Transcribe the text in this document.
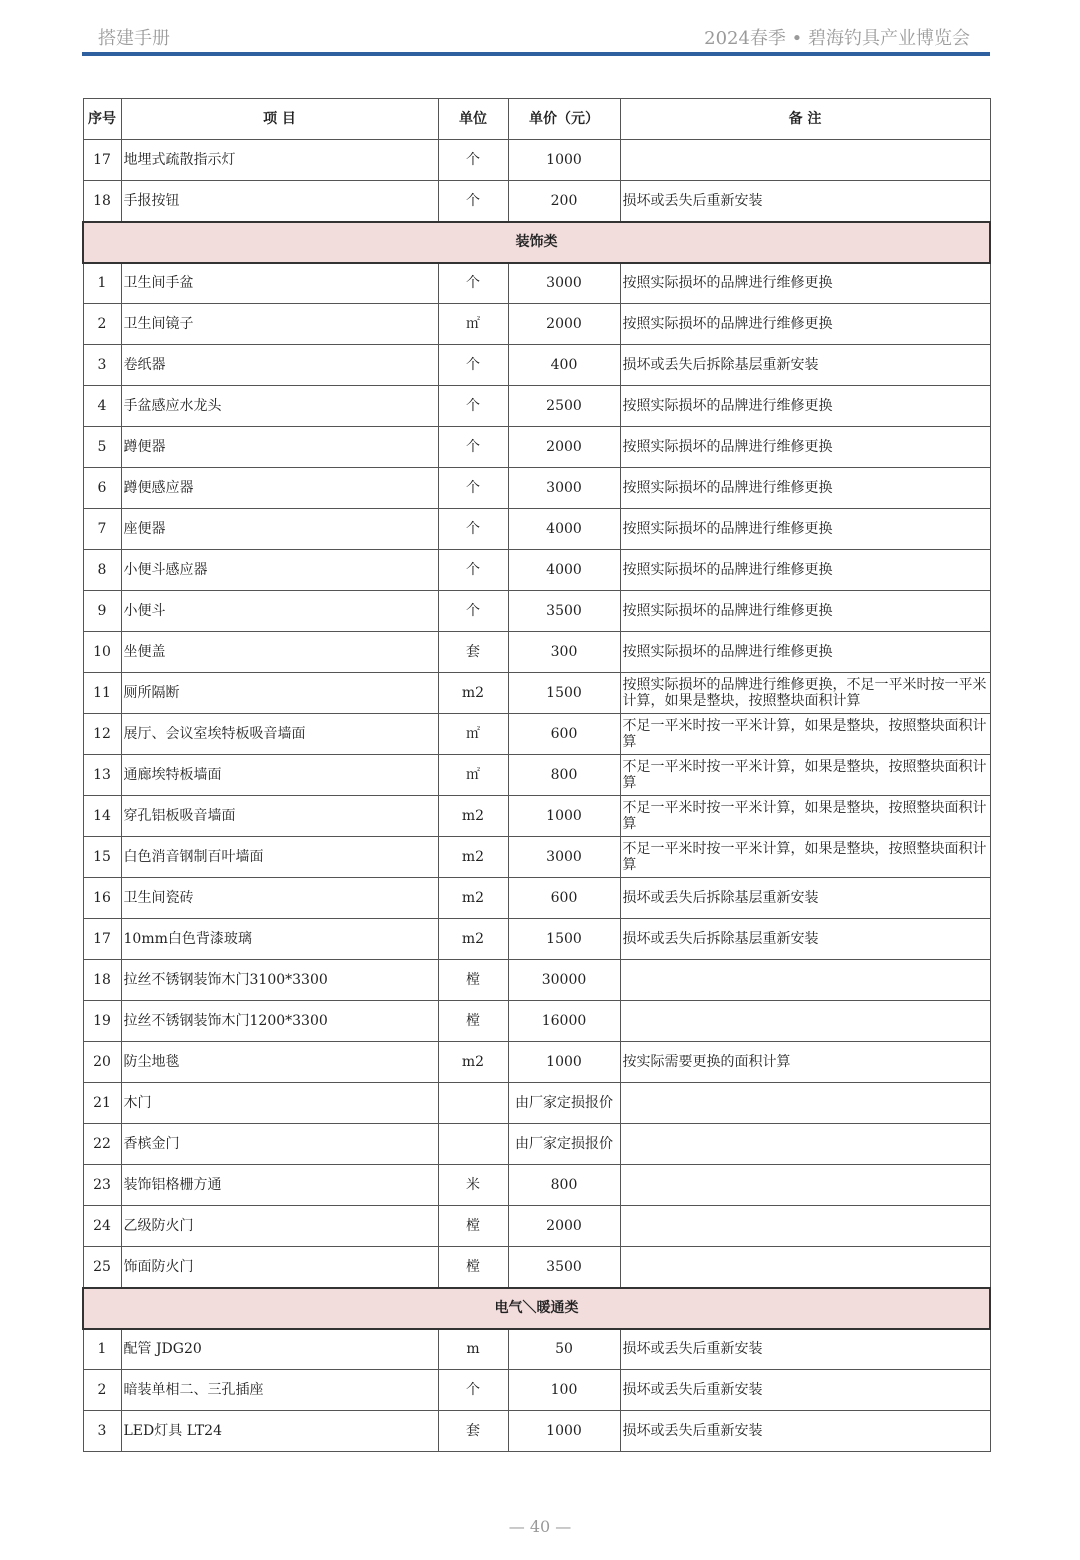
搭建手册	2024春季 • 碧海钓具产业博览会
序号	项 目	单位	单价（元）	备 注
17	地埋式疏散指示灯	个	1000	
18	手报按钮	个	200	损坏或丢失后重新安装
装饰类				
1	卫生间手盆	个	3000	按照实际损坏的品牌进行维修更换
2	卫生间镜子	㎡	2000	按照实际损坏的品牌进行维修更换
3	卷纸器	个	400	损坏或丢失后拆除基层重新安装
4	手盆感应水龙头	个	2500	按照实际损坏的品牌进行维修更换
5	蹲便器	个	2000	按照实际损坏的品牌进行维修更换
6	蹲便感应器	个	3000	按照实际损坏的品牌进行维修更换
7	座便器	个	4000	按照实际损坏的品牌进行维修更换
8	小便斗感应器	个	4000	按照实际损坏的品牌进行维修更换
9	小便斗	个	3500	按照实际损坏的品牌进行维修更换
10	坐便盖	套	300	按照实际损坏的品牌进行维修更换
11	厕所隔断	m2	1500	按照实际损坏的品牌进行维修更换，不足一平米时按一平米计算，如果是整块，按照整块面积计算
12	展厅、会议室埃特板吸音墙面	㎡	600	不足一平米时按一平米计算，如果是整块，按照整块面积计算
13	通廊埃特板墙面	㎡	800	不足一平米时按一平米计算，如果是整块，按照整块面积计算
14	穿孔铝板吸音墙面	m2	1000	不足一平米时按一平米计算，如果是整块，按照整块面积计算
15	白色消音钢制百叶墙面	m2	3000	不足一平米时按一平米计算，如果是整块，按照整块面积计算
16	卫生间瓷砖	m2	600	损坏或丢失后拆除基层重新安装
17	10mm白色背漆玻璃	m2	1500	损坏或丢失后拆除基层重新安装
18	拉丝不锈钢装饰木门3100*3300	樘	30000	
19	拉丝不锈钢装饰木门1200*3300	樘	16000	
20	防尘地毯	m2	1000	按实际需要更换的面积计算
21	木门		由厂家定损报价	
22	香槟金门		由厂家定损报价	
23	装饰铝格栅方通	米	800	
24	乙级防火门	樘	2000	
25	饰面防火门	樘	3500	
电气＼暖通类				
1	配管 JDG20	m	50	损坏或丢失后重新安装
2	暗装单相二、三孔插座	个	100	损坏或丢失后重新安装
3	LED灯具 LT24	套	1000	损坏或丢失后重新安装
— 40 —
